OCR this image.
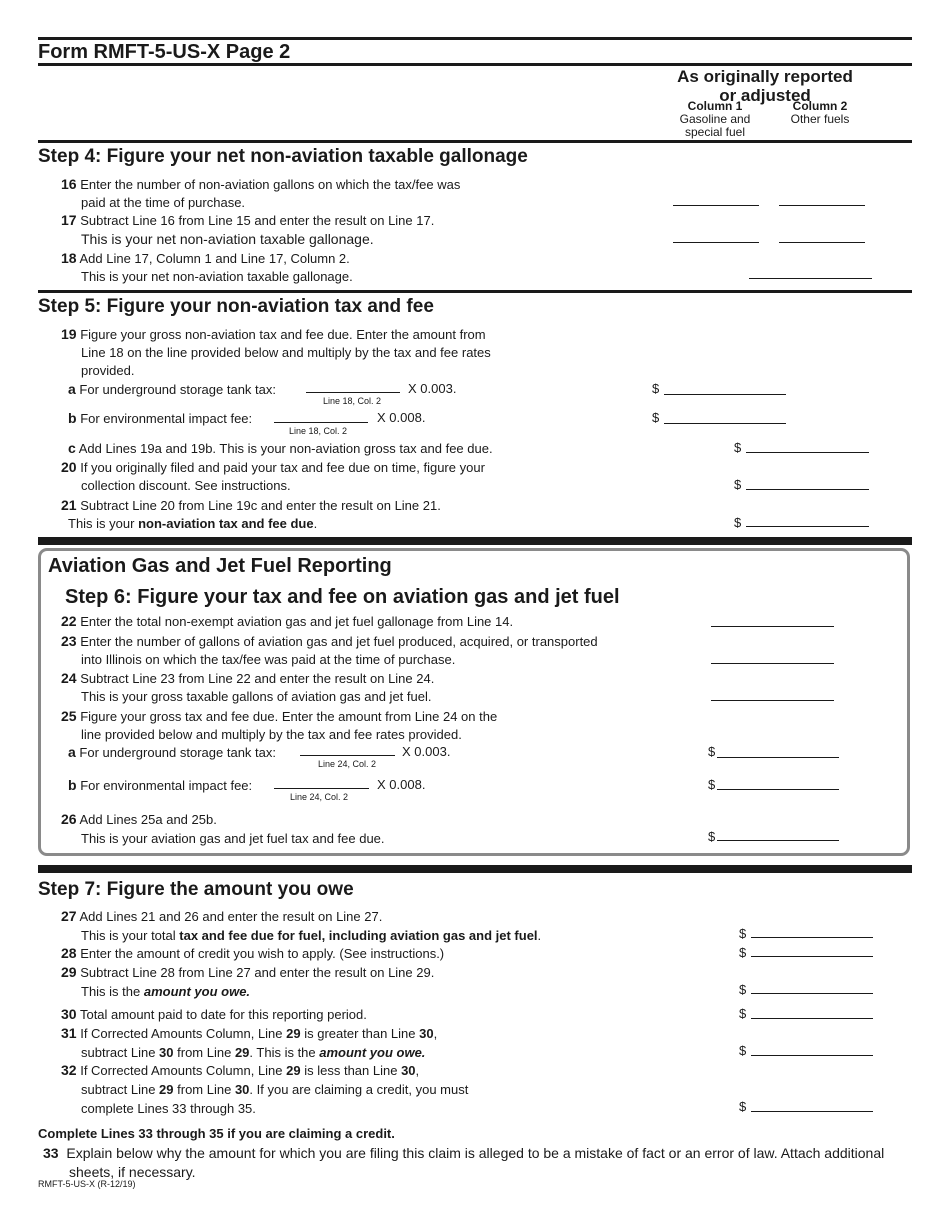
Form RMFT-5-US-X Page 2
As originally reported
or adjusted
Column 1
Gasoline and
special fuel
Column 2
Other fuels
Step 4: Figure your net non-aviation taxable gallonage
16 Enter the number of non-aviation gallons on which the tax/fee was
paid at the time of purchase.
17 Subtract Line 16 from Line 15 and enter the result on Line 17.
This is your net non-aviation taxable gallonage.
18 Add Line 17, Column 1 and Line 17, Column 2.
This is your net non-aviation taxable gallonage.
Step 5: Figure your non-aviation tax and fee
19 Figure your gross non-aviation tax and fee due. Enter the amount from
Line 18 on the line provided below and multiply by the tax and fee rates
provided.
a For underground storage tank tax:
Line 18, Col. 2
X 0.003.	$
b For environmental impact fee:
Line 18, Col. 2
X 0.008.	$
c Add Lines 19a and 19b. This is your non-aviation gross tax and fee due.	$
20 If you originally filed and paid your tax and fee due on time, figure your
collection discount. See instructions.	$
21 Subtract Line 20 from Line 19c and enter the result on Line 21.
This is your non-aviation tax and fee due.	$
Aviation Gas and Jet Fuel Reporting
Step 6: Figure your tax and fee on aviation gas and jet fuel
22 Enter the total non-exempt aviation gas and jet fuel gallonage from Line 14.
23 Enter the number of gallons of aviation gas and jet fuel produced, acquired, or transported
into Illinois on which the tax/fee was paid at the time of purchase.
24 Subtract Line 23 from Line 22 and enter the result on Line 24.
This is your gross taxable gallons of aviation gas and jet fuel.
25 Figure your gross tax and fee due. Enter the amount from Line 24 on the
line provided below and multiply by the tax and fee rates provided.
a For underground storage tank tax:
Line 24, Col. 2
X 0.003.	$
b For environmental impact fee:
Line 24, Col. 2
X 0.008.	$
26 Add Lines 25a and 25b.
This is your aviation gas and jet fuel tax and fee due.	$
Step 7: Figure the amount you owe
27 Add Lines 21 and 26 and enter the result on Line 27.
This is your total tax and fee due for fuel, including aviation gas and jet fuel.	$
28 Enter the amount of credit you wish to apply. (See instructions.)	$
29 Subtract Line 28 from Line 27 and enter the result on Line 29.
This is the amount you owe.	$
30 Total amount paid to date for this reporting period.	$
31 If Corrected Amounts Column, Line 29 is greater than Line 30,
subtract Line 30 from Line 29. This is the amount you owe.	$
32 If Corrected Amounts Column, Line 29 is less than Line 30,
subtract Line 29 from Line 30. If you are claiming a credit, you must
complete Lines 33 through 35.	$
Complete Lines 33 through 35 if you are claiming a credit.
33 Explain below why the amount for which you are filing this claim is alleged to be a mistake of fact or an error of law. Attach additional
sheets, if necessary.
RMFT-5-US-X (R-12/19)
